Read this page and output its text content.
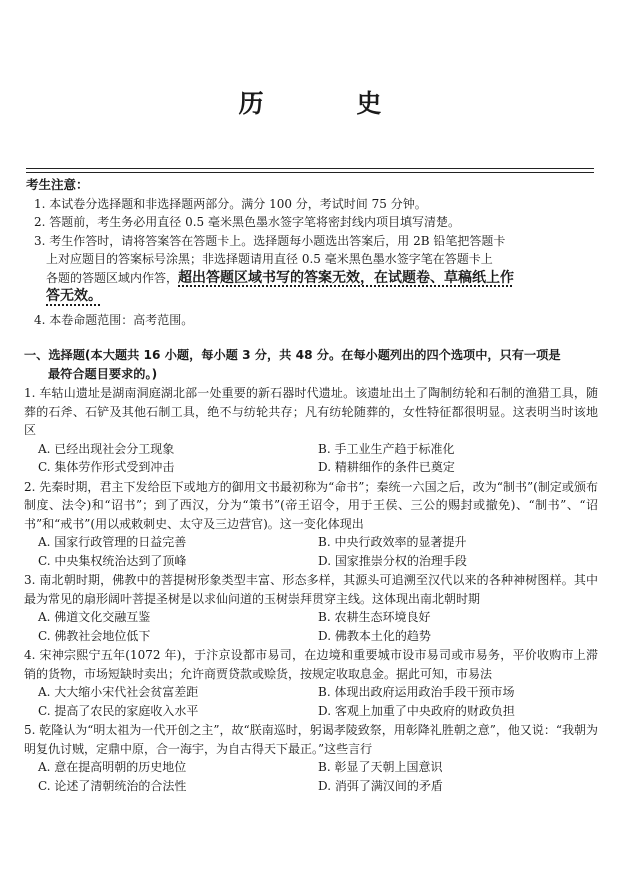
历 史
考生注意：
1. 本试卷分选择题和非选择题两部分。满分 100 分，考试时间 75 分钟。
2. 答题前，考生务必用直径 0.5 毫米黑色墨水签字笔将密封线内项目填写清楚。
3. 考生作答时，请将答案答在答题卡上。选择题每小题选出答案后，用 2B 铅笔把答题卡
上对应题目的答案标号涂黑；非选择题请用直径 0.5 毫米黑色墨水签字笔在答题卡上
各题的答题区域内作答，超出答题区域书写的答案无效，在试题卷、草稿纸上作
答无效。
4. 本卷命题范围：高考范围。
一、选择题(本大题共 16 小题，每小题 3 分，共 48 分。在每小题列出的四个选项中，只有一项是
最符合题目要求的。)
1. 车轱山遗址是湖南洞庭湖北部一处重要的新石器时代遗址。该遗址出土了陶制纺轮和石制的渔猎工具，随葬的石斧、石铲及其他石制工具，绝不与纺轮共存；凡有纺轮随葬的，女性特征都很明显。这表明当时该地区
A. 已经出现社会分工现象	B. 手工业生产趋于标准化
C. 集体劳作形式受到冲击	D. 精耕细作的条件已奠定
2. 先秦时期，君主下发给臣下或地方的御用文书最初称为“命书”；秦统一六国之后，改为“制书”(制定或颁布制度、法令)和“诏书”；到了西汉，分为“策书”(帝王诏令，用于王侯、三公的赐封或撤免)、“制书”、“诏书”和“戒书”(用以戒敕刺史、太守及三边营官)。这一变化体现出
A. 国家行政管理的日益完善	B. 中央行政效率的显著提升
C. 中央集权统治达到了顶峰	D. 国家推崇分权的治理手段
3. 南北朝时期，佛教中的菩提树形象类型丰富、形态多样，其源头可追溯至汉代以来的各种神树图样。其中最为常见的扇形阔叶菩提圣树是以求仙问道的玉树崇拜贯穿主线。这体现出南北朝时期
A. 佛道文化交融互鉴	B. 农耕生态环境良好
C. 佛教社会地位低下	D. 佛教本土化的趋势
4. 宋神宗熙宁五年(1072 年)，于汴京设都市易司，在边境和重要城市设市易司或市易务，平价收购市上滞销的货物，市场短缺时卖出；允许商贾贷款或赊货，按规定收取息金。据此可知，市易法
A. 大大缩小宋代社会贫富差距	B. 体现出政府运用政治手段干预市场
C. 提高了农民的家庭收入水平	D. 客观上加重了中央政府的财政负担
5. 乾隆认为“明太祖为一代开创之主”，故“朕南巡时，躬谒孝陵致祭，用彰降礼胜朝之意”，他又说：“我朝为明复仇讨贼，定鼎中原，合一海宇，为自古得天下最正。”这些言行
A. 意在提高明朝的历史地位	B. 彰显了天朝上国意识
C. 论述了清朝统治的合法性	D. 消弭了满汉间的矛盾
